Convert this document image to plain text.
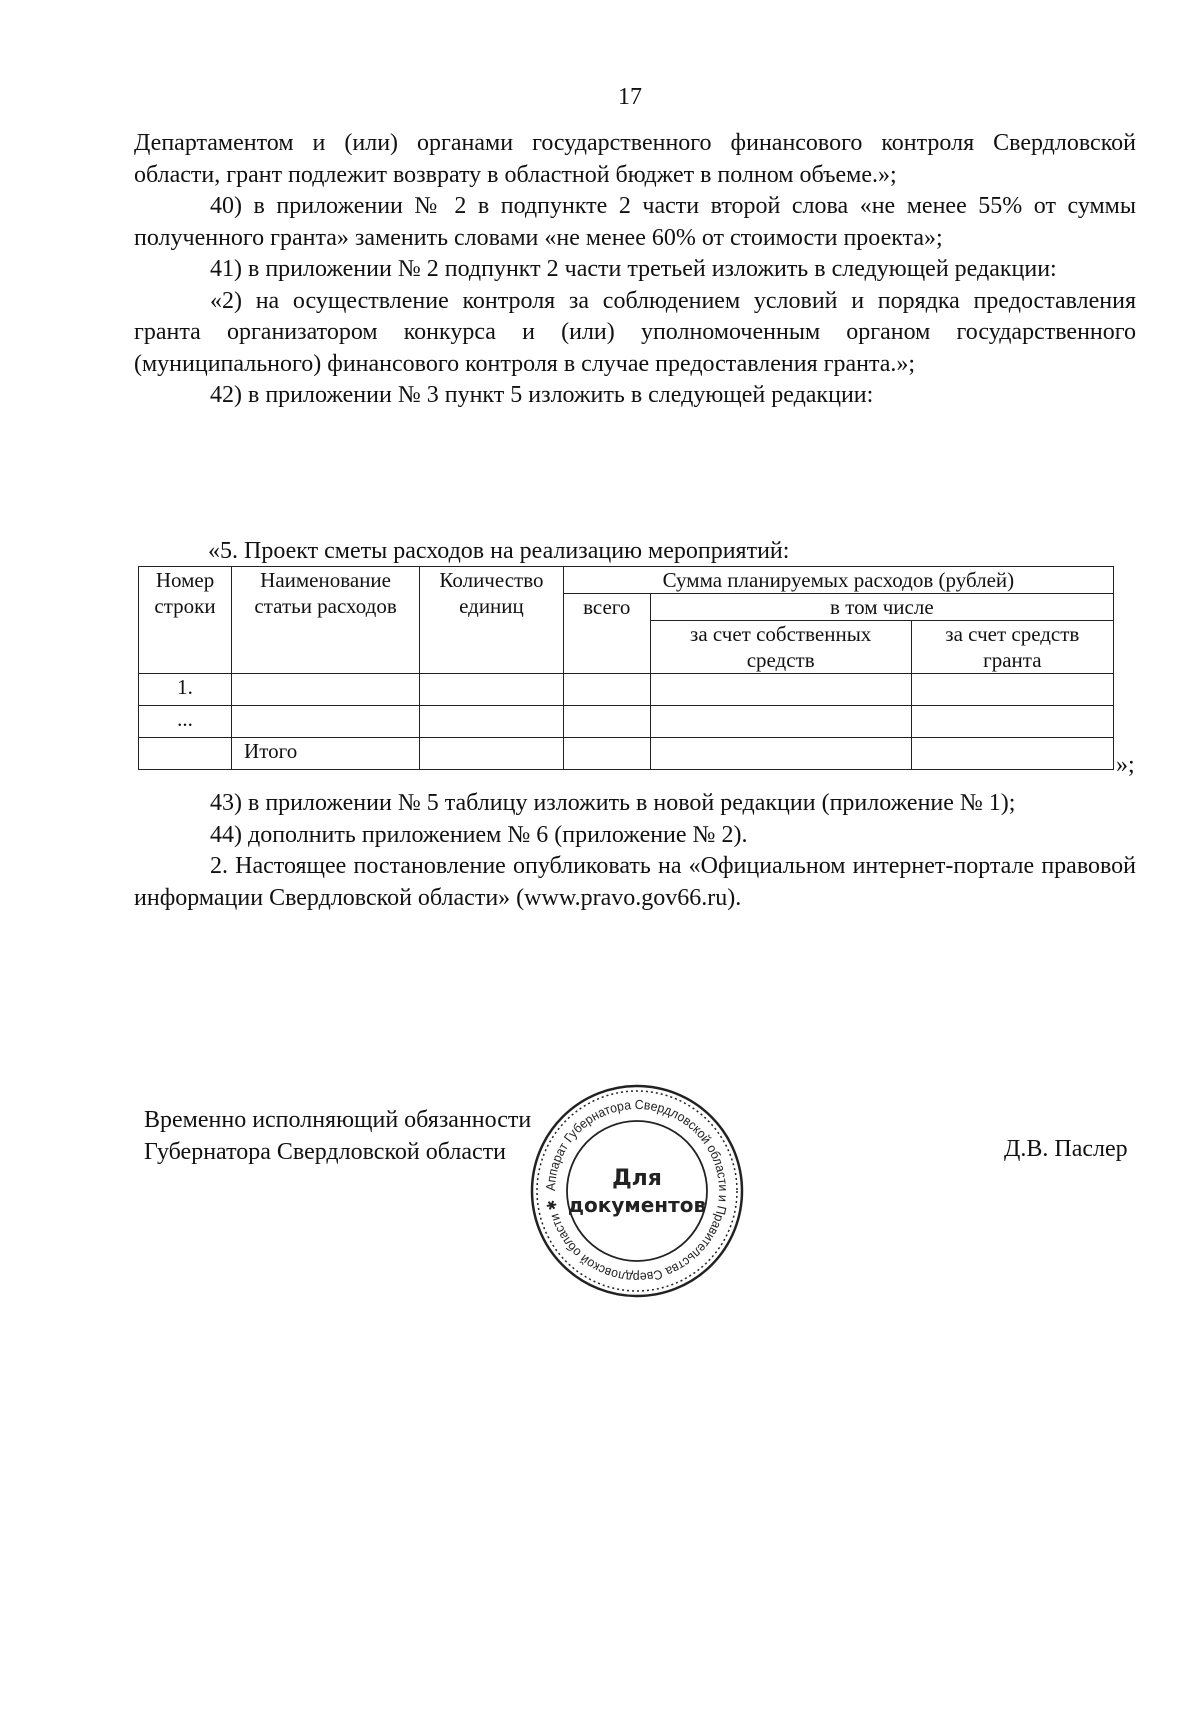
17

Департаментом и (или) органами государственного финансового контроля Свердловской области, грант подлежит возврату в областной бюджет в полном объеме.»;

40) в приложении № 2 в подпункте 2 части второй слова «не менее 55% от суммы полученного гранта» заменить словами «не менее 60% от стоимости проекта»;

41) в приложении № 2 подпункт 2 части третьей изложить в следующей редакции:

«2) на осуществление контроля за соблюдением условий и порядка предоставления гранта организатором конкурса и (или) уполномоченным органом государственного (муниципального) финансового контроля в случае предоставления гранта.»;

42) в приложении № 3 пункт 5 изложить в следующей редакции:

«5. Проект сметы расходов на реализацию мероприятий:
Номер строки	Наименование статьи расходов	Количество единиц	Сумма планируемых расходов (рублей)		
			всего	в том числе	
				за счет собственных средств	за счет средств гранта
1.					
...					
	Итого				
»;

43) в приложении № 5 таблицу изложить в новой редакции (приложение № 1);

44) дополнить приложением № 6 (приложение № 2).

2. Настоящее постановление опубликовать на «Официальном интернет-портале правовой информации Свердловской области» (www.pravo.gov66.ru).

Временно исполняющий обязанности
Губернатора Свердловской области	Д.В. Паслер
Аппарат Губернатора Свердловской области и Правительства Свердловской области ✱
Для
документов
